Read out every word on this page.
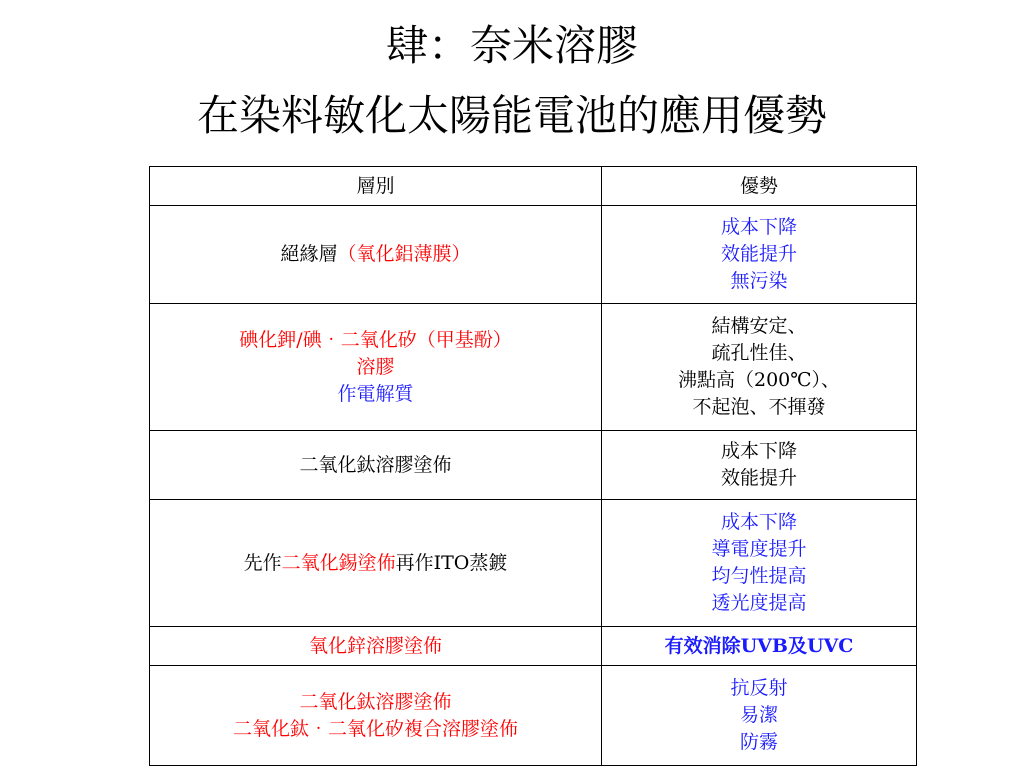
肆：奈米溶膠
在染料敏化太陽能電池的應用優勢
層別	優勢
絕緣層（氧化鋁薄膜）	成本下降
效能提升
無污染

碘化鉀/碘‧二氧化矽（甲基酚）
溶膠
作電解質	結構安定、
疏孔性佳、
沸點高（200℃）、
不起泡、不揮發

二氧化鈦溶膠塗佈	成本下降
效能提升

先作二氧化錫塗佈再作ITO蒸鍍	成本下降
導電度提升
均勻性提高
透光度提高

氧化鋅溶膠塗佈	有效消除UVB及UVC

二氧化鈦溶膠塗佈
二氧化鈦‧二氧化矽複合溶膠塗佈	抗反射
易潔
防霧
